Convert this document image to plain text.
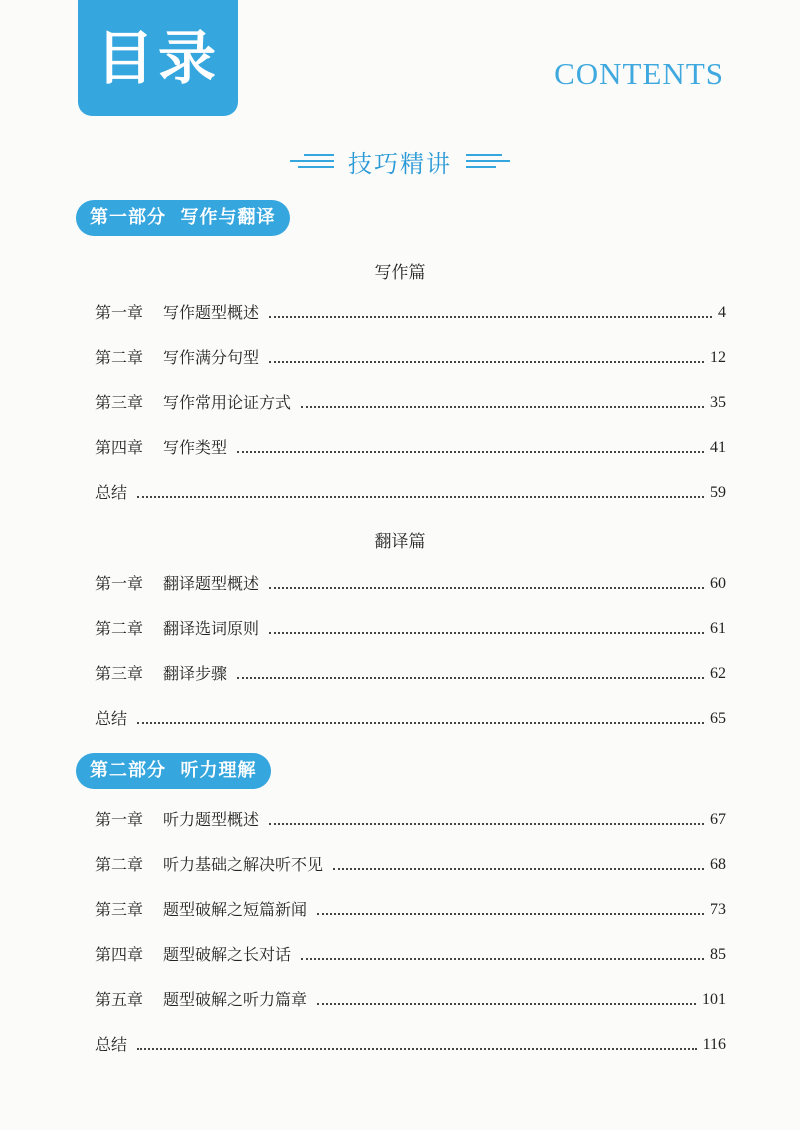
目录	CONTENTS
技巧精讲
第一部分  写作与翻译
写作篇
第一章 写作题型概述	4
第二章 写作满分句型	12
第三章 写作常用论证方式	35
第四章 写作类型	41
总结	59
翻译篇
第一章 翻译题型概述	60
第二章 翻译选词原则	61
第三章 翻译步骤	62
总结	65
第二部分  听力理解
第一章 听力题型概述	67
第二章 听力基础之解决听不见	68
第三章 题型破解之短篇新闻	73
第四章 题型破解之长对话	85
第五章 题型破解之听力篇章	101
总结	116
